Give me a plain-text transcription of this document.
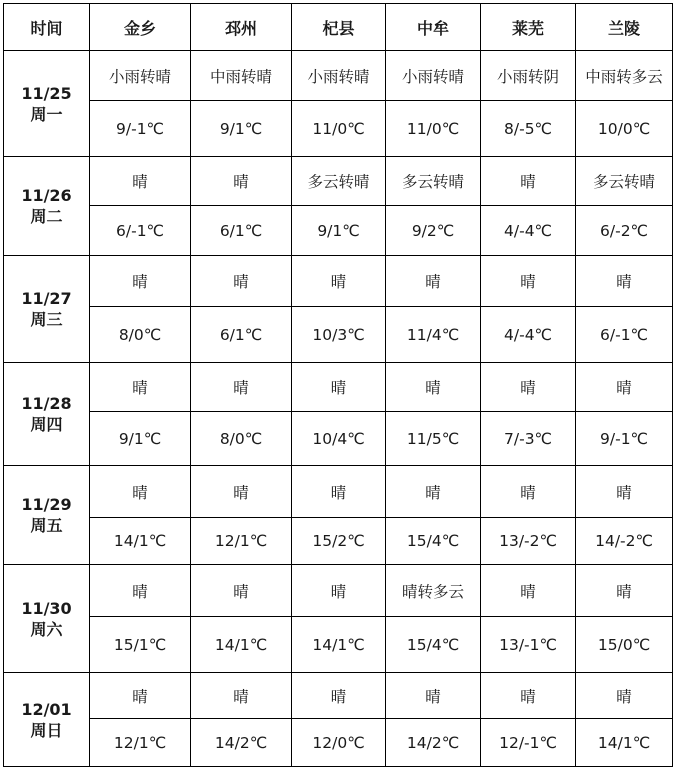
时间	金乡	邳州	杞县	中牟	莱芜	兰陵

11/25
周一	小雨转晴	中雨转晴	小雨转晴	小雨转晴	小雨转阴	中雨转多云
	9/-1℃	9/1℃	11/0℃	11/0℃	8/-5℃	10/0℃

11/26
周二	晴	晴	多云转晴	多云转晴	晴	多云转晴
	6/-1℃	6/1℃	9/1℃	9/2℃	4/-4℃	6/-2℃

11/27
周三	晴	晴	晴	晴	晴	晴
	8/0℃	6/1℃	10/3℃	11/4℃	4/-4℃	6/-1℃

11/28
周四	晴	晴	晴	晴	晴	晴
	9/1℃	8/0℃	10/4℃	11/5℃	7/-3℃	9/-1℃

11/29
周五	晴	晴	晴	晴	晴	晴
	14/1℃	12/1℃	15/2℃	15/4℃	13/-2℃	14/-2℃

11/30
周六	晴	晴	晴	晴转多云	晴	晴
	15/1℃	14/1℃	14/1℃	15/4℃	13/-1℃	15/0℃

12/01
周日	晴	晴	晴	晴	晴	晴
	12/1℃	14/2℃	12/0℃	14/2℃	12/-1℃	14/1℃
